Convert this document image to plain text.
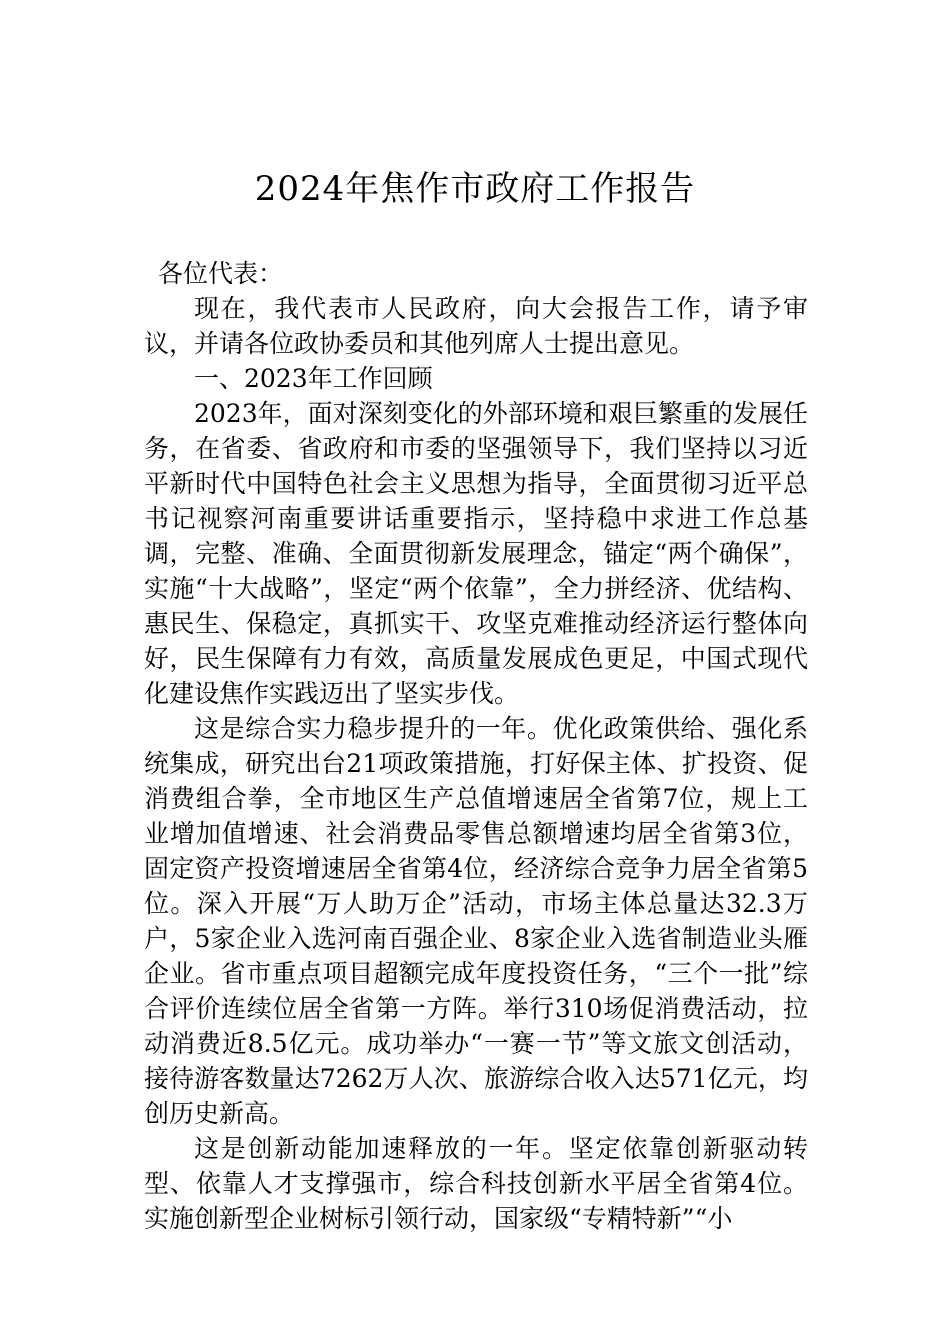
2024年焦作市政府工作报告

各位代表：

现在，我代表市人民政府，向大会报告工作，请予审议，并请各位政协委员和其他列席人士提出意见。

一、2023年工作回顾

2023年，面对深刻变化的外部环境和艰巨繁重的发展任务，在省委、省政府和市委的坚强领导下，我们坚持以习近平新时代中国特色社会主义思想为指导，全面贯彻习近平总书记视察河南重要讲话重要指示，坚持稳中求进工作总基调，完整、准确、全面贯彻新发展理念，锚定“两个确保”，实施“十大战略”，坚定“两个依靠”，全力拼经济、优结构、惠民生、保稳定，真抓实干、攻坚克难推动经济运行整体向好，民生保障有力有效，高质量发展成色更足，中国式现代化建设焦作实践迈出了坚实步伐。

这是综合实力稳步提升的一年。优化政策供给、强化系统集成，研究出台21项政策措施，打好保主体、扩投资、促消费组合拳，全市地区生产总值增速居全省第7位，规上工业增加值增速、社会消费品零售总额增速均居全省第3位，固定资产投资增速居全省第4位，经济综合竞争力居全省第5位。深入开展“万人助万企”活动，市场主体总量达32.3万户，5家企业入选河南百强企业、8家企业入选省制造业头雁企业。省市重点项目超额完成年度投资任务，“三个一批”综合评价连续位居全省第一方阵。举行310场促消费活动，拉动消费近8.5亿元。成功举办“一赛一节”等文旅文创活动，接待游客数量达7262万人次、旅游综合收入达571亿元，均创历史新高。

这是创新动能加速释放的一年。坚定依靠创新驱动转型、依靠人才支撑强市，综合科技创新水平居全省第4位。实施创新型企业树标引领行动，国家级“专精特新”“小
